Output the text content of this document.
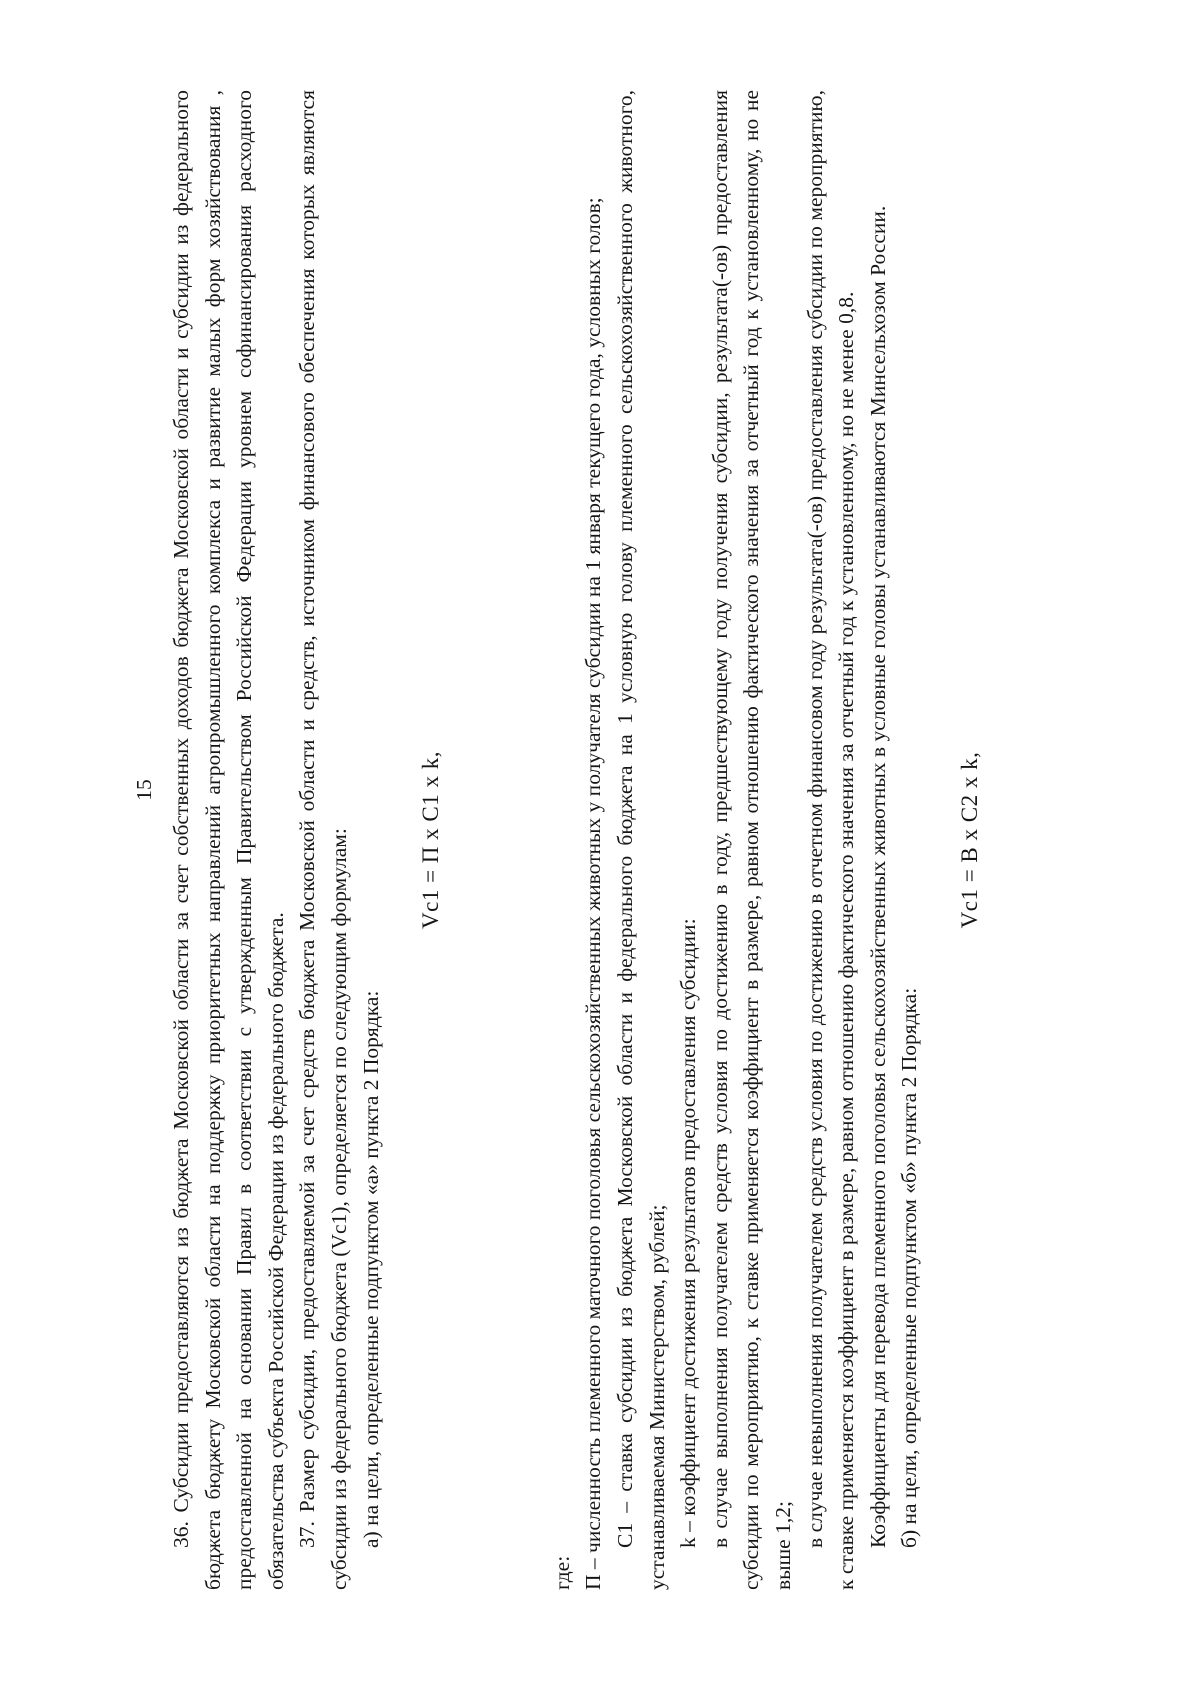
15 36. Субсидии предоставляются из бюджета Московской области за счет собственных доходов бюджета Московской области и субсидии из федерального бюджета бюджету Московской области на поддержку приоритетных направлений агропромышленного комплекса и развитие малых форм хозяйствования , предоставленной на основании Правил в соответствии с утвержденным Правительством Российской Федерации уровнем софинансирования расходного обязательства субъекта Российской Федерации из федерального бюджета. 37. Размер субсидии, предоставляемой за счет средств бюджета Московской области и средств, источником финансового обеспечения которых являются субсидии из федерального бюджета (Vc1), определяется по следующим формулам: а) на цели, определенные подпунктом «а» пункта 2 Порядка:

Vc1 = П x C1 x k,

где: П – численность племенного маточного поголовья сельскохозяйственных животных у получателя субсидии на 1 января текущего года, условных голов; C1 – ставка субсидии из бюджета Московской области и федерального бюджета на 1 условную голову племенного сельскохозяйственного животного, устанавливаемая Министерством, рублей; k – коэффициент достижения результатов предоставления субсидии: в случае выполнения получателем средств условия по достижению в году, предшествующему году получения субсидии, результата(-ов) предоставления субсидии по мероприятию, к ставке применяется коэффициент в размере, равном отношению фактического значения за отчетный год к установленному, но не выше 1,2; в случае невыполнения получателем средств условия по достижению в отчетном финансовом году результата(-ов) предоставления субсидии по мероприятию, к ставке применяется коэффициент в размере, равном отношению фактического значения за отчетный год к установленному, но не менее 0,8. Коэффициенты для перевода племенного поголовья сельскохозяйственных животных в условные головы устанавливаются Минсельхозом России. б) на цели, определенные подпунктом «б» пункта 2 Порядка:

Vc1 = B x C2 x k,
